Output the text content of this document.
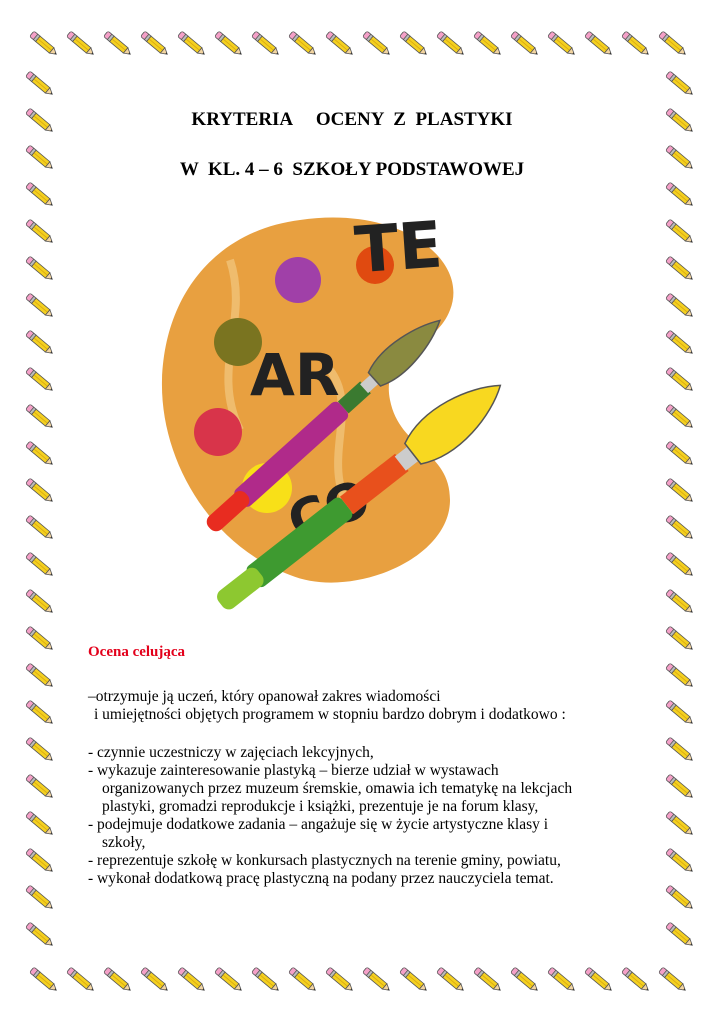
KRYTERIA     OCENY  Z  PLASTYKI
W  KL. 4 – 6  SZKOŁY PODSTAWOWEJ
TE
AR
Ocena celująca
–otrzymuje ją uczeń, który opanował zakres wiadomości
i umiejętności objętych programem w stopniu bardzo dobrym i dodatkowo :
- czynnie uczestniczy w zajęciach lekcyjnych,
- wykazuje zainteresowanie plastyką – bierze udział w wystawach
organizowanych przez muzeum śremskie, omawia ich tematykę na lekcjach
plastyki, gromadzi reprodukcje i książki, prezentuje je na forum klasy,
- podejmuje dodatkowe zadania – angażuje się w życie artystyczne klasy i
szkoły,
- reprezentuje szkołę w konkursach plastycznych na terenie gminy, powiatu,
- wykonał dodatkową pracę plastyczną na podany przez nauczyciela temat.
